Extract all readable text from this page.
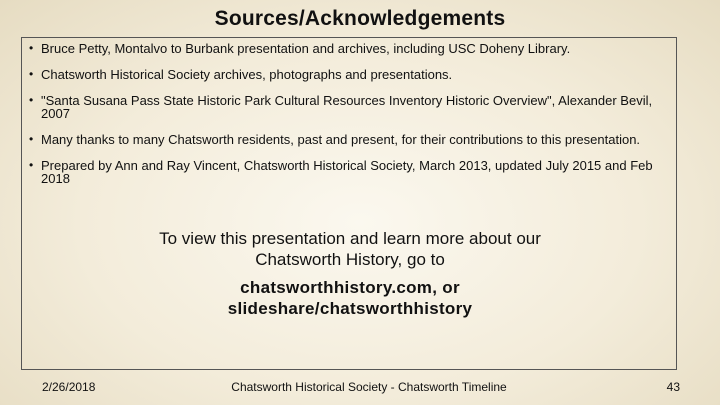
Sources/Acknowledgements
• Bruce Petty, Montalvo to Burbank presentation and archives, including USC Doheny Library.
• Chatsworth Historical Society archives, photographs and presentations.
• "Santa Susana Pass State Historic Park Cultural Resources Inventory Historic Overview", Alexander Bevil, 2007
• Many thanks to many Chatsworth residents, past and present, for their contributions to this presentation.
• Prepared by Ann and Ray Vincent, Chatsworth Historical Society, March 2013, updated July 2015 and Feb 2018
To view this presentation and learn more about our
Chatsworth History, go to
chatsworthhistory.com, or
slideshare/chatsworthhistory
2/26/2018	Chatsworth Historical Society - Chatsworth Timeline	43
